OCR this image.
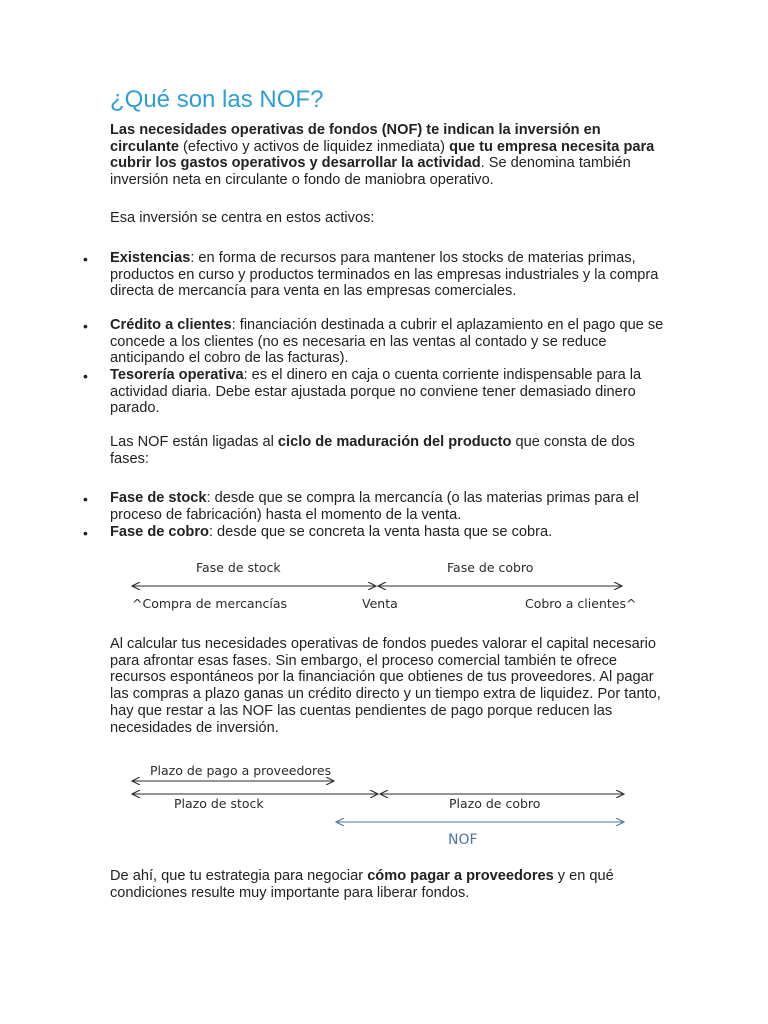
¿Qué son las NOF?

Las necesidades operativas de fondos (NOF) te indican la inversión en circulante (efectivo y activos de liquidez inmediata) que tu empresa necesita para cubrir los gastos operativos y desarrollar la actividad. Se denomina también inversión neta en circulante o fondo de maniobra operativo.

Esa inversión se centra en estos activos:

• Existencias: en forma de recursos para mantener los stocks de materias primas, productos en curso y productos terminados en las empresas industriales y la compra directa de mercancía para venta en las empresas comerciales.
• Crédito a clientes: financiación destinada a cubrir el aplazamiento en el pago que se concede a los clientes (no es necesaria en las ventas al contado y se reduce anticipando el cobro de las facturas).
• Tesorería operativa: es el dinero en caja o cuenta corriente indispensable para la actividad diaria. Debe estar ajustada porque no conviene tener demasiado dinero parado.

Las NOF están ligadas al ciclo de maduración del producto que consta de dos fases:

• Fase de stock: desde que se compra la mercancía (o las materias primas para el proceso de fabricación) hasta el momento de la venta.
• Fase de cobro: desde que se concreta la venta hasta que se cobra.
Fase de stock	Fase de cobro
^Compra de mercancías	Venta	Cobro a clientes^

Al calcular tus necesidades operativas de fondos puedes valorar el capital necesario para afrontar esas fases. Sin embargo, el proceso comercial también te ofrece recursos espontáneos por la financiación que obtienes de tus proveedores. Al pagar las compras a plazo ganas un crédito directo y un tiempo extra de liquidez. Por tanto, hay que restar a las NOF las cuentas pendientes de pago porque reducen las necesidades de inversión.

Plazo de pago a proveedores
Plazo de stock	Plazo de cobro
NOF

De ahí, que tu estrategia para negociar cómo pagar a proveedores y en qué condiciones resulte muy importante para liberar fondos.
